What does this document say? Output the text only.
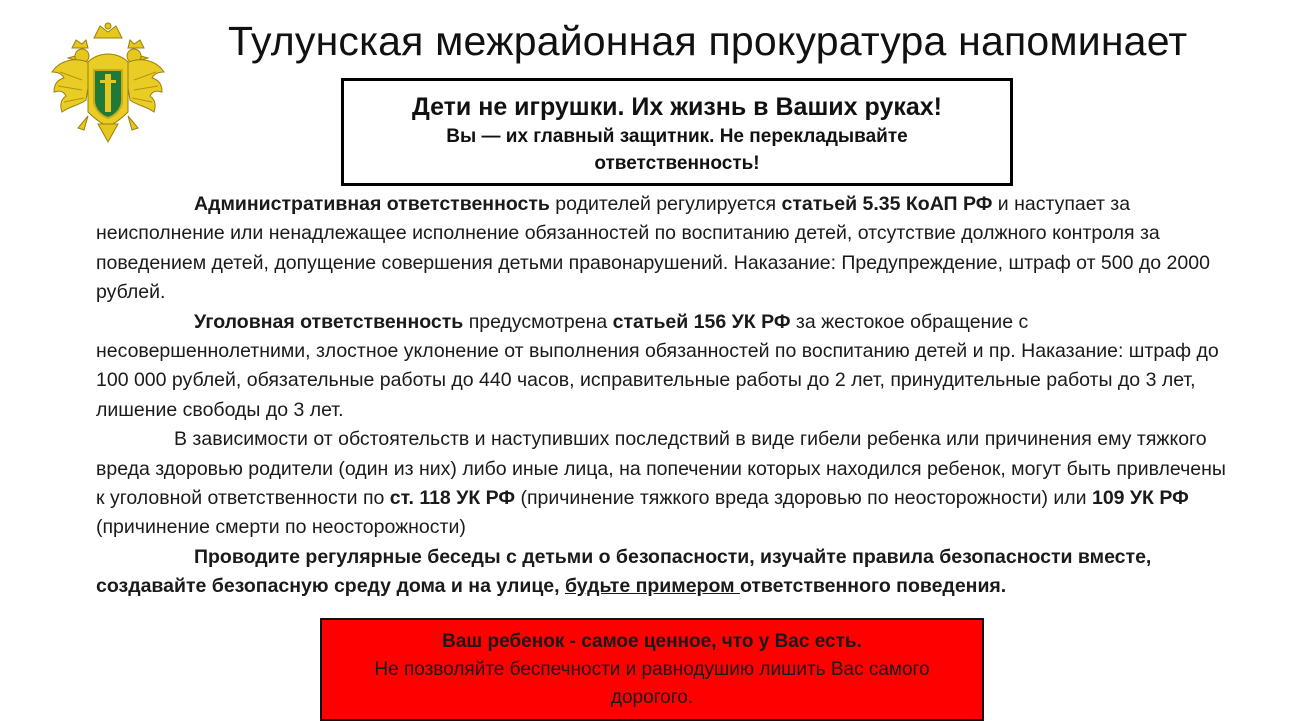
Тулунская межрайонная прокуратура напоминает
Дети не игрушки. Их жизнь в Ваших руках!
Вы — их главный защитник. Не перекладывайте ответственность!

Административная ответственность родителей регулируется статьей 5.35 КоАП РФ и наступает за неисполнение или ненадлежащее исполнение обязанностей по воспитанию детей, отсутствие должного контроля за поведением детей, допущение совершения детьми правонарушений. Наказание: Предупреждение, штраф от 500 до 2000 рублей.

Уголовная ответственность предусмотрена статьей 156 УК РФ за жестокое обращение с несовершеннолетними, злостное уклонение от выполнения обязанностей по воспитанию детей и пр. Наказание: штраф до 100 000 рублей, обязательные работы до 440 часов, исправительные работы до 2 лет, принудительные работы до 3 лет, лишение свободы до 3 лет.

В зависимости от обстоятельств и наступивших последствий в виде гибели ребенка или причинения ему тяжкого вреда здоровью родители (один из них) либо иные лица, на попечении которых находился ребенок, могут быть привлечены к уголовной ответственности по ст. 118 УК РФ (причинение тяжкого вреда здоровью по неосторожности) или 109 УК РФ (причинение смерти по неосторожности)

Проводите регулярные беседы с детьми о безопасности, изучайте правила безопасности вместе, создавайте безопасную среду дома и на улице, будьте примером ответственного поведения.

Ваш ребенок - самое ценное, что у Вас есть.
Не позволяйте беспечности и равнодушию лишить Вас самого дорогого.
